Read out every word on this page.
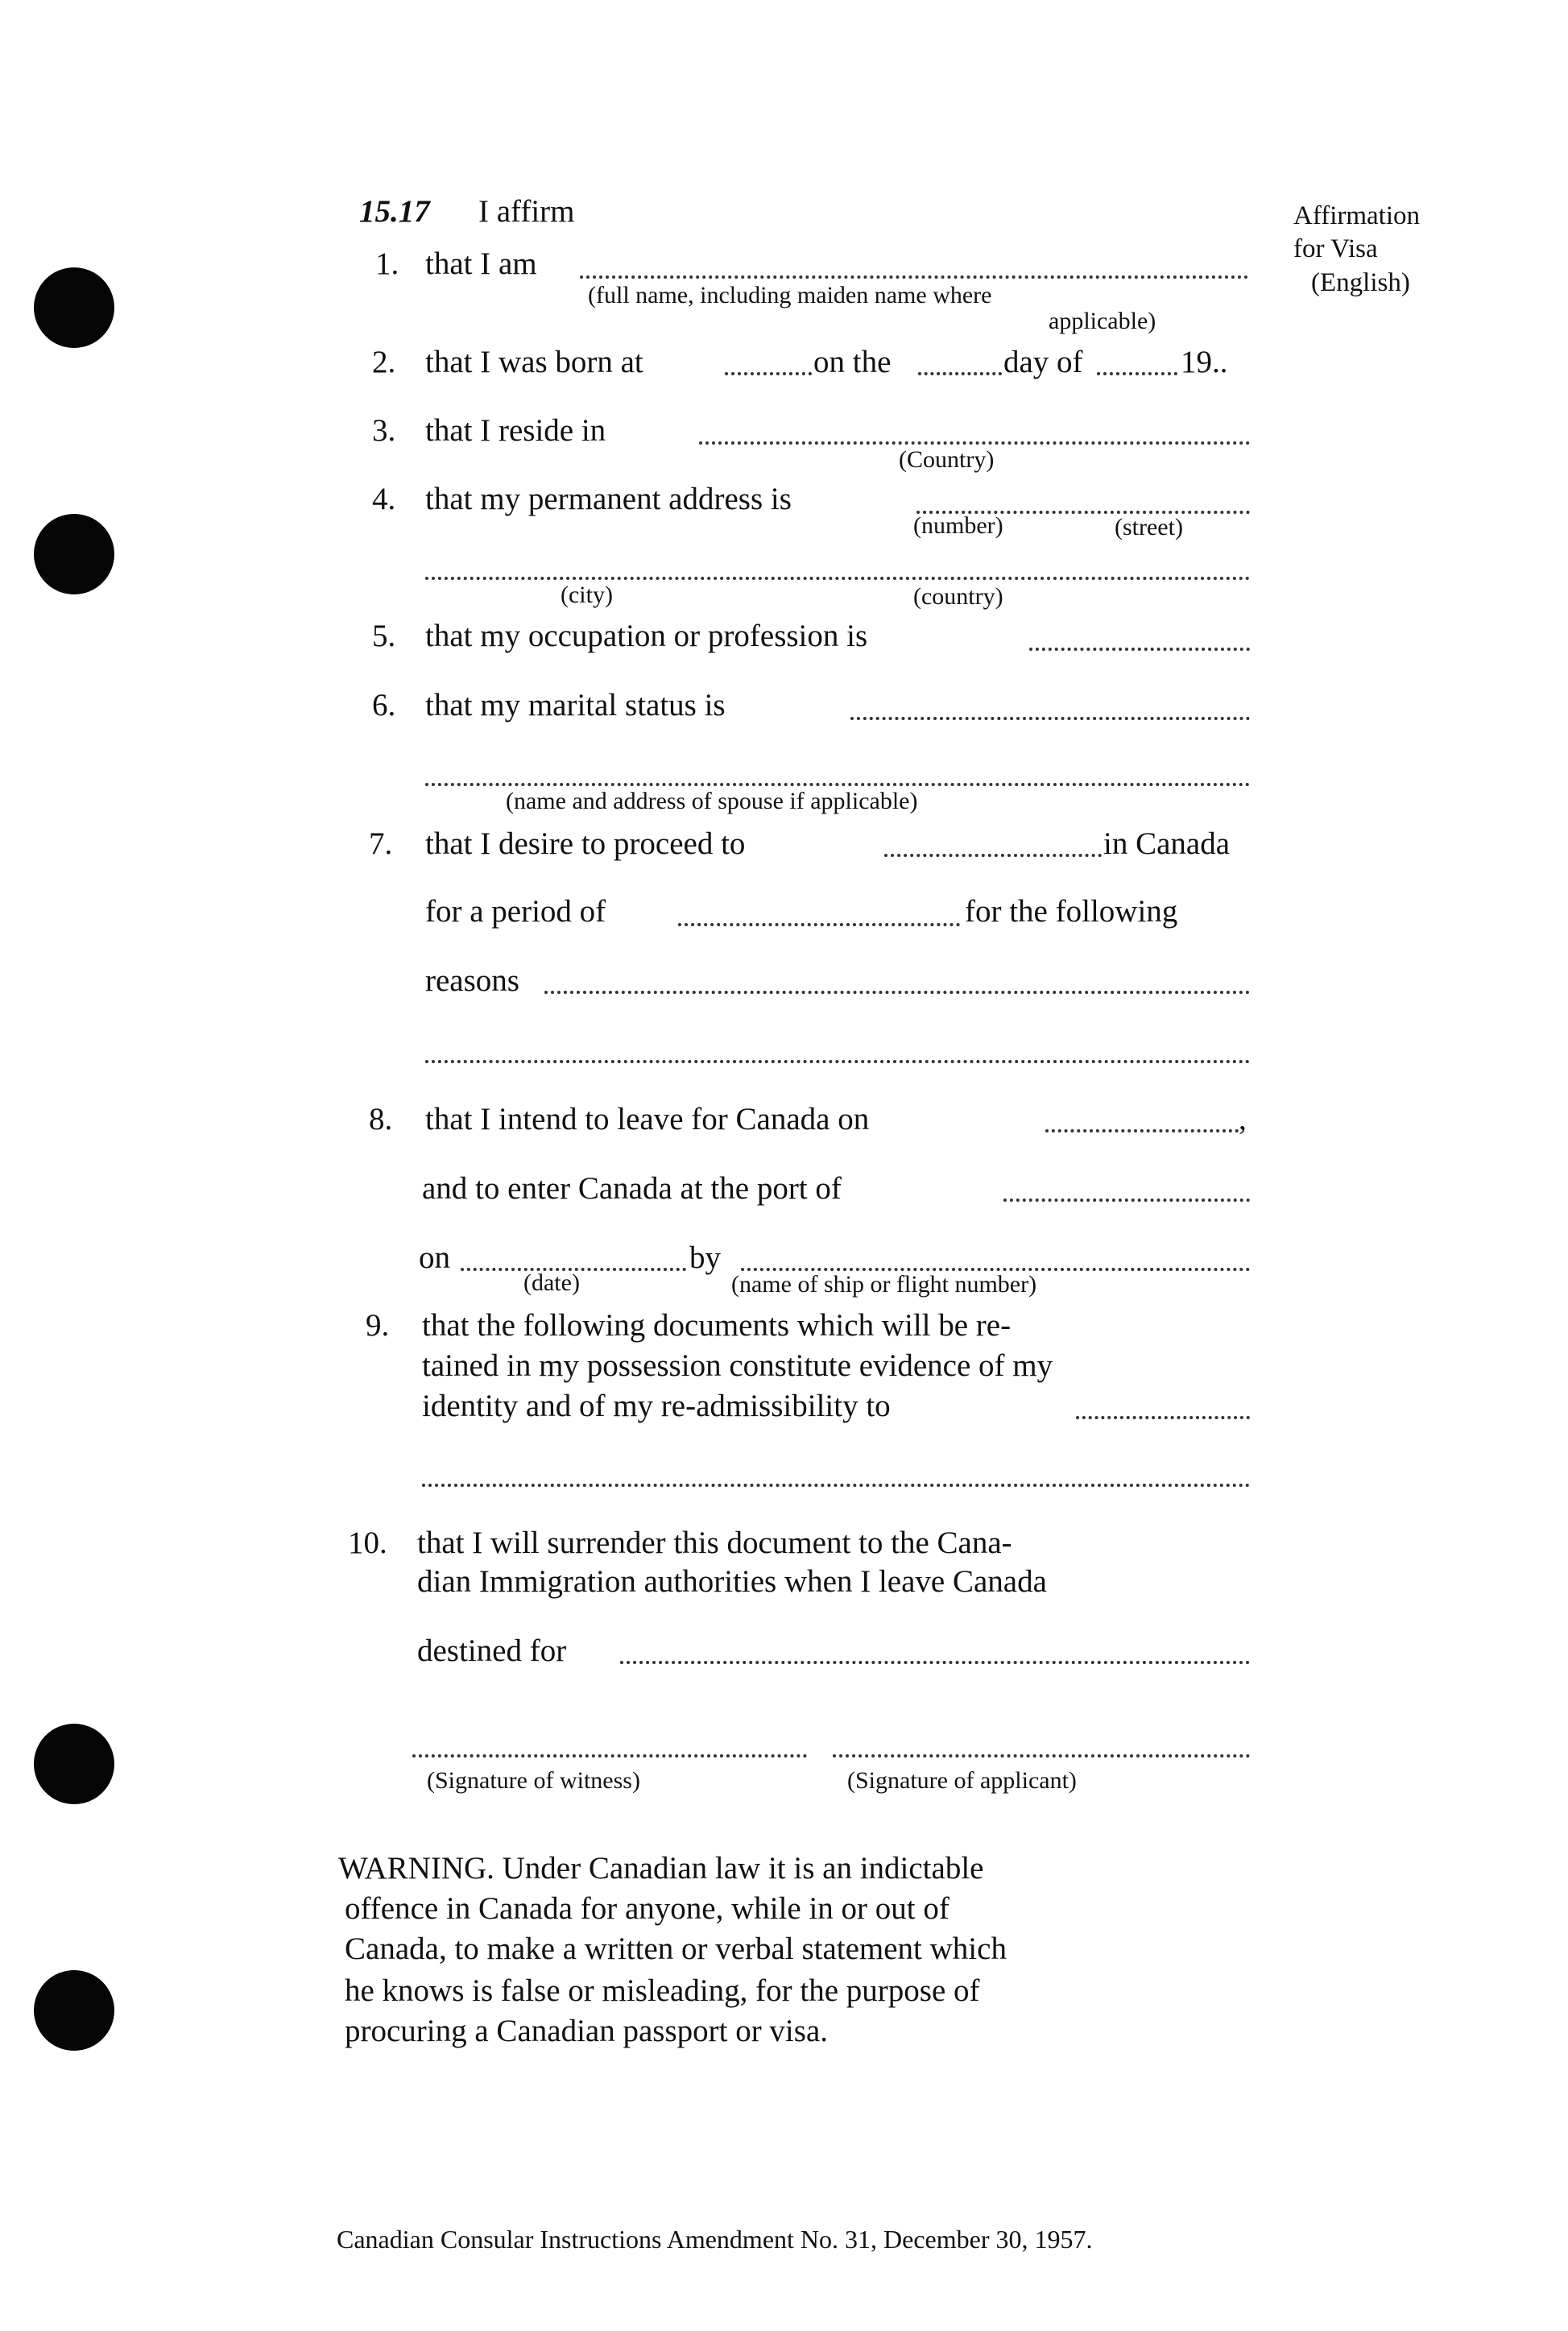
15.17 I affirm	Affirmation
for Visa
(English)
1. that I am
(full name, including maiden name where
applicable)
2. that I was born at	on the	day of	19..
3. that I reside in
(Country)
4. that my permanent address is
(number)	(street)
(city)	(country)
5. that my occupation or profession is
6. that my marital status is
(name and address of spouse if applicable)
7. that I desire to proceed to	in Canada
for a period of	for the following
reasons
8. that I intend to leave for Canada on	,
and to enter Canada at the port of
on	by
(date)	(name of ship or flight number)
9. that the following documents which will be re-
tained in my possession constitute evidence of my
identity and of my re-admissibility to
10. that I will surrender this document to the Cana-
dian Immigration authorities when I leave Canada
destined for
(Signature of witness)	(Signature of applicant)
WARNING. Under Canadian law it is an indictable
offence in Canada for anyone, while in or out of
Canada, to make a written or verbal statement which
he knows is false or misleading, for the purpose of
procuring a Canadian passport or visa.
Canadian Consular Instructions Amendment No. 31, December 30, 1957.
